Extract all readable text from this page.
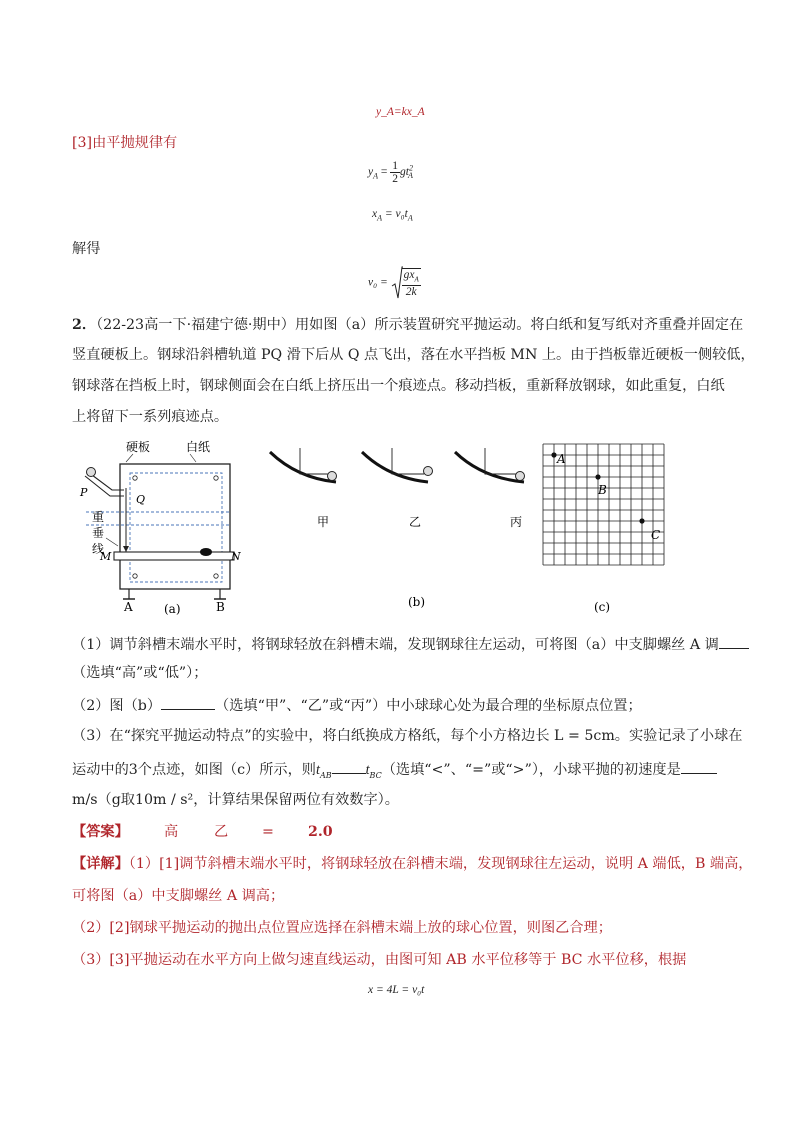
y_A=kx_A
[3]由平抛规律有
$y_A = \frac{1}{2} gt^2_A$
$x_A = v_0t_A$
解得
$v_0 = \frac{gx_A}{2k}$
2．（22-23高一下·福建宁德·期中）用如图（a）所示装置研究平抛运动。将白纸和复写纸对齐重叠并固定在
竖直硬板上。钢球沿斜槽轨道 PQ 滑下后从 Q 点飞出，落在水平挡板 MN 上。由于挡板靠近硬板一侧较低，
钢球落在挡板上时，钢球侧面会在白纸上挤压出一个痕迹点。移动挡板，重新释放钢球，如此重复，白纸
上将留下一系列痕迹点。
硬板	白纸
P
Q
重
垂
线
M	N
A	B
(a)
甲	乙	丙
(b)
A
B
C
(c)
（1）调节斜槽末端水平时，将钢球轻放在斜槽末端，发现钢球往左运动，可将图（a）中支脚螺丝 A 调
（选填“高”或“低”）；
（2）图（b）	（选填“甲”、“乙”或“丙”）中小球球心处为最合理的坐标原点位置；
（3）在“探究平抛运动特点”的实验中，将白纸换成方格纸，每个小方格边长 L = 5cm。实验记录了小球在
运动中的3个点迹，如图（c）所示，则$t_{AB}$ $t_{BC}$（选填“<”、“=”或“>”），小球平抛的初速度是
m/s（g取10m / s²，计算结果保留两位有效数字）。
【答案】 高	乙 = 2.0
【详解】（1）[1]调节斜槽末端水平时，将钢球轻放在斜槽末端，发现钢球往左运动，说明 A 端低，B 端高，
可将图（a）中支脚螺丝 A 调高；
（2）[2]钢球平抛运动的抛出点位置应选择在斜槽末端上放的球心位置，则图乙合理；
（3）[3]平抛运动在水平方向上做匀速直线运动，由图可知 AB 水平位移等于 BC 水平位移，根据
x = 4L = v₀t
